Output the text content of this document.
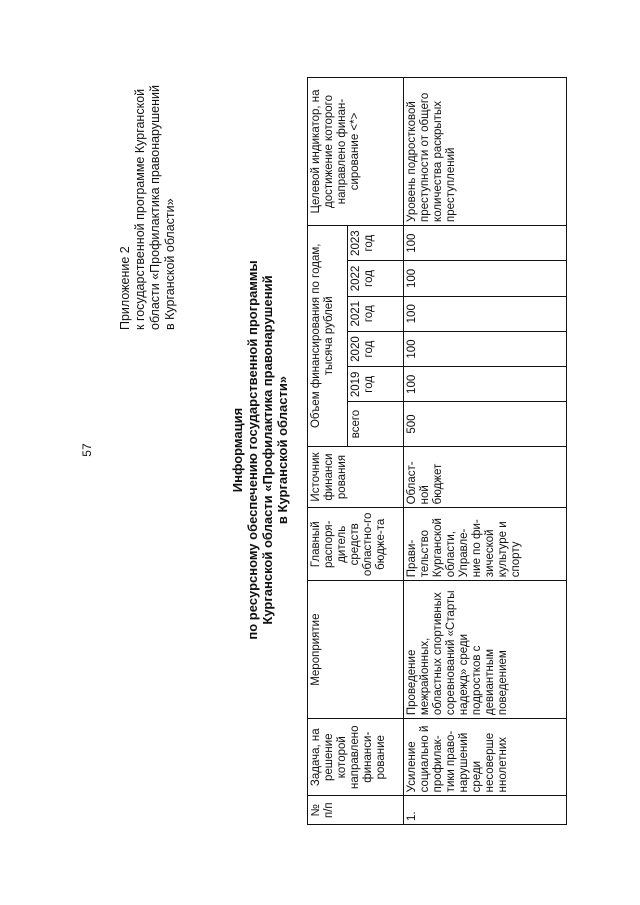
57
Приложение 2 к государственной программе Курганской области «Профилактика правонарушений в Курганской области»
Информация по ресурсному обеспечению государственной программы Курганской области «Профилактика правонарушений в Курганской области»
№ п/п	Задача, на решение которой направлено финанси-рование	Мероприятие	Главный распоря-дитель средств областно-го бюдже-та	Источник финанси рования	Объем финансирования по годам, тысяча рублей						Целевой индикатор, на достижение которого направлено финан-сирование <*>
					всего	2019 год	2020 год	2021 год	2022 год	2023 год	
1.	Усиление социально й профилак-тики право-нарушений среди несоверше ннолетних	Проведение межрайонных, областных спортивных соревнований «Старты надежд» среди подростков с девиантным поведением	Прави-тельство Курганской области, Управле-ние по фи-зической культуре и спорту	Област-ной бюджет	500	100	100	100	100	100	Уровень подростковой преступности от общего количества раскрытых преступлений
